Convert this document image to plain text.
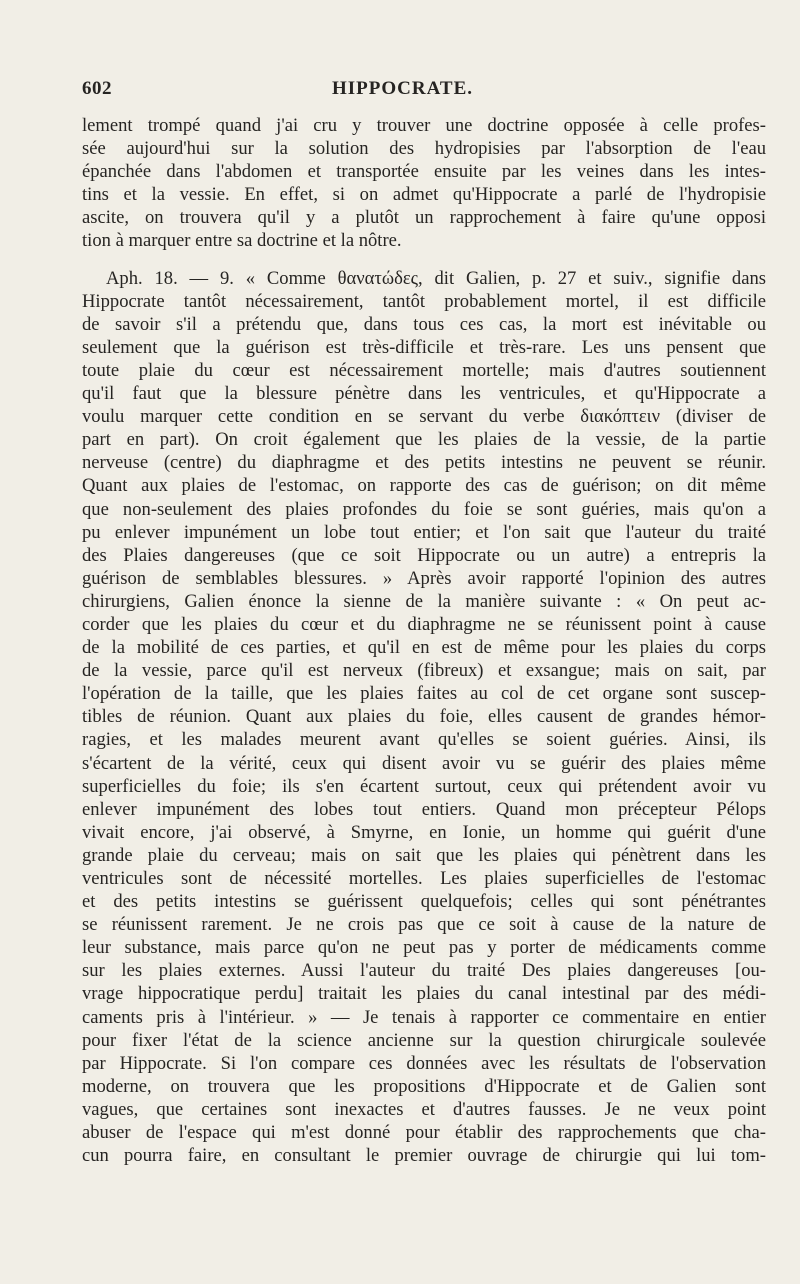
602	HIPPOCRATE.
lement trompé quand j'ai cru y trouver une doctrine opposée à celle profes-
sée aujourd'hui sur la solution des hydropisies par l'absorption de l'eau
épanchée dans l'abdomen et transportée ensuite par les veines dans les intes-
tins et la vessie. En effet, si on admet qu'Hippocrate a parlé de l'hydropisie
ascite, on trouvera qu'il y a plutôt un rapprochement à faire qu'une opposi
tion à marquer entre sa doctrine et la nôtre.
Aph. 18. — 9. « Comme θανατώδες, dit Galien, p. 27 et suiv., signifie dans
Hippocrate tantôt nécessairement, tantôt probablement mortel, il est difficile
de savoir s'il a prétendu que, dans tous ces cas, la mort est inévitable ou
seulement que la guérison est très-difficile et très-rare. Les uns pensent que
toute plaie du cœur est nécessairement mortelle; mais d'autres soutiennent
qu'il faut que la blessure pénètre dans les ventricules, et qu'Hippocrate a
voulu marquer cette condition en se servant du verbe διακόπτειν (diviser de
part en part). On croit également que les plaies de la vessie, de la partie
nerveuse (centre) du diaphragme et des petits intestins ne peuvent se réunir.
Quant aux plaies de l'estomac, on rapporte des cas de guérison; on dit même
que non-seulement des plaies profondes du foie se sont guéries, mais qu'on a
pu enlever impunément un lobe tout entier; et l'on sait que l'auteur du traité
des Plaies dangereuses (que ce soit Hippocrate ou un autre) a entrepris la
guérison de semblables blessures. » Après avoir rapporté l'opinion des autres
chirurgiens, Galien énonce la sienne de la manière suivante : « On peut ac-
corder que les plaies du cœur et du diaphragme ne se réunissent point à cause
de la mobilité de ces parties, et qu'il en est de même pour les plaies du corps
de la vessie, parce qu'il est nerveux (fibreux) et exsangue; mais on sait, par
l'opération de la taille, que les plaies faites au col de cet organe sont suscep-
tibles de réunion. Quant aux plaies du foie, elles causent de grandes hémor-
ragies, et les malades meurent avant qu'elles se soient guéries. Ainsi, ils
s'écartent de la vérité, ceux qui disent avoir vu se guérir des plaies même
superficielles du foie; ils s'en écartent surtout, ceux qui prétendent avoir vu
enlever impunément des lobes tout entiers. Quand mon précepteur Pélops
vivait encore, j'ai observé, à Smyrne, en Ionie, un homme qui guérit d'une
grande plaie du cerveau; mais on sait que les plaies qui pénètrent dans les
ventricules sont de nécessité mortelles. Les plaies superficielles de l'estomac
et des petits intestins se guérissent quelquefois; celles qui sont pénétrantes
se réunissent rarement. Je ne crois pas que ce soit à cause de la nature de
leur substance, mais parce qu'on ne peut pas y porter de médicaments comme
sur les plaies externes. Aussi l'auteur du traité Des plaies dangereuses [ou-
vrage hippocratique perdu] traitait les plaies du canal intestinal par des médi-
caments pris à l'intérieur. » — Je tenais à rapporter ce commentaire en entier
pour fixer l'état de la science ancienne sur la question chirurgicale soulevée
par Hippocrate. Si l'on compare ces données avec les résultats de l'observation
moderne, on trouvera que les propositions d'Hippocrate et de Galien sont
vagues, que certaines sont inexactes et d'autres fausses. Je ne veux point
abuser de l'espace qui m'est donné pour établir des rapprochements que cha-
cun pourra faire, en consultant le premier ouvrage de chirurgie qui lui tom-
